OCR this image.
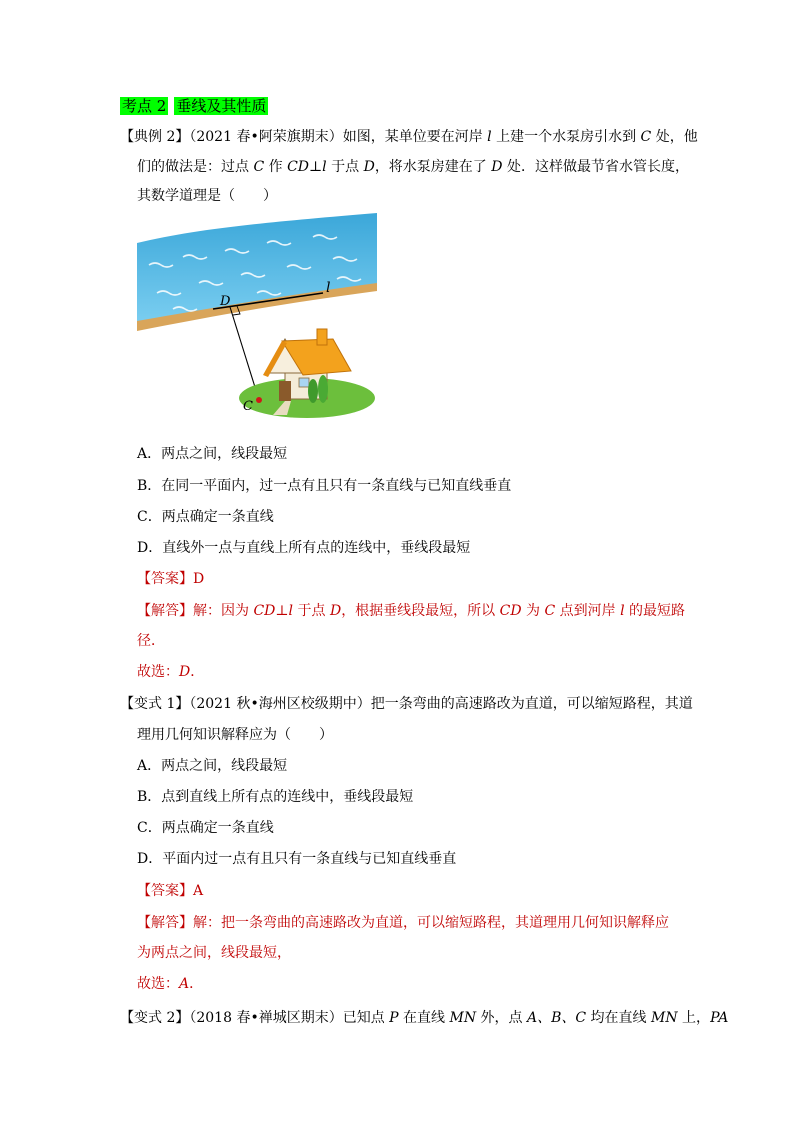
考点 2 垂线及其性质
【典例 2】（2021 春•阿荣旗期末）如图，某单位要在河岸 l 上建一个水泵房引水到 C 处，他
们的做法是：过点 C 作 CD⊥l 于点 D，将水泵房建在了 D 处．这样做最节省水管长度，
其数学道理是（　　）
l
D
C
A．两点之间，线段最短
B．在同一平面内，过一点有且只有一条直线与已知直线垂直
C．两点确定一条直线
D．直线外一点与直线上所有点的连线中，垂线段最短
【答案】D
【解答】解：因为 CD⊥l 于点 D，根据垂线段最短，所以 CD 为 C 点到河岸 l 的最短路
径．
故选：D．
【变式 1】（2021 秋•海州区校级期中）把一条弯曲的高速路改为直道，可以缩短路程，其道
理用几何知识解释应为（　　）
A．两点之间，线段最短
B．点到直线上所有点的连线中，垂线段最短
C．两点确定一条直线
D．平面内过一点有且只有一条直线与已知直线垂直
【答案】A
【解答】解：把一条弯曲的高速路改为直道，可以缩短路程，其道理用几何知识解释应
为两点之间，线段最短，
故选：A．
【变式 2】（2018 春•禅城区期末）已知点 P 在直线 MN 外，点 A、B、C 均在直线 MN 上，PA
